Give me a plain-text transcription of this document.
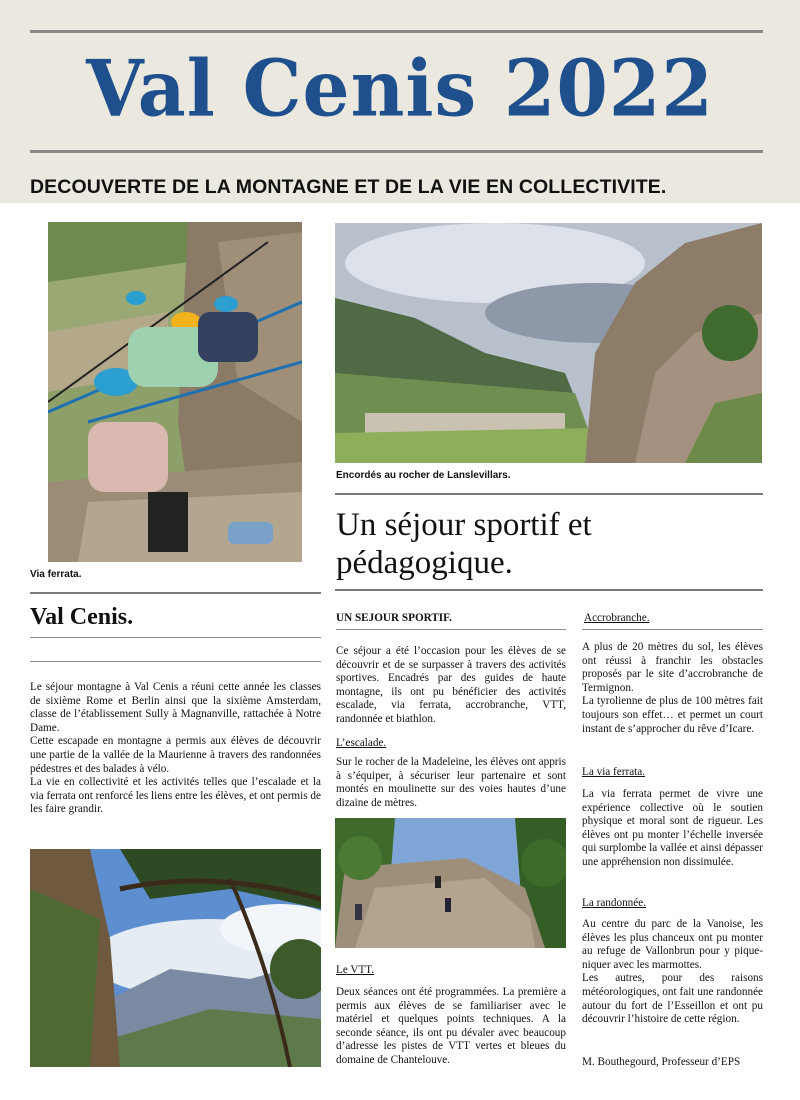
Val Cenis 2022
DECOUVERTE DE LA MONTAGNE ET DE LA VIE EN COLLECTIVITE.
Via ferrata.
Encordés au rocher de Lanslevillars.
Un séjour sportif et
pédagogique.
Val Cenis.

Le séjour montagne à Val Cenis a réuni cette année les classes de sixième Rome et Berlin ainsi que la sixième Amsterdam, classe de l’établissement Sully à Magnanville, rattachée à Notre Dame.

Cette escapade en montagne a permis aux élèves de découvrir une partie de la vallée de la Maurienne à travers des randonnées pédestres et des balades à vélo.

La vie en collectivité et les activités telles que l’escalade et la via ferrata ont renforcé les liens entre les élèves, et ont permis de les faire grandir.

UN SEJOUR SPORTIF.
Ce séjour a été l’occasion pour les élèves de se découvrir et de se surpasser à travers des activités sportives. Encadrés par des guides de haute montagne, ils ont pu bénéficier des activités escalade, via ferrata, accrobranche, VTT, randonnée et biathlon.
L’escalade.
Sur le rocher de la Madeleine, les élèves ont appris à s’équiper, à sécuriser leur partenaire et sont montés en moulinette sur des voies hautes d’une dizaine de mètres.
Le VTT.
Deux séances ont été programmées. La première a permis aux élèves de se familiariser avec le matériel et quelques points techniques. A la seconde séance, ils ont pu dévaler avec beaucoup d’adresse les pistes de VTT vertes et bleues du domaine de Chantelouve.
Accrobranche.

A plus de 20 mètres du sol, les élèves ont réussi à franchir les obstacles proposés par le site d’accrobranche de Termignon.

La tyrolienne de plus de 100 mètres fait toujours son effet… et permet un court instant de s’approcher du rêve d’Icare.

La via ferrata.
La via ferrata permet de vivre une expérience collective où le soutien physique et moral sont de rigueur. Les élèves ont pu monter l’échelle inversée qui surplombe la vallée et ainsi dépasser une appréhension non dissimulée.
La randonnée.

Au centre du parc de la Vanoise, les élèves les plus chanceux ont pu monter au refuge de Vallonbrun pour y pique-niquer avec les marmottes.

Les autres, pour des raisons météorologiques, ont fait une randonnée autour du fort de l’Esseillon et ont pu découvrir l’histoire de cette région.

M. Bouthegourd, Professeur d’EPS
